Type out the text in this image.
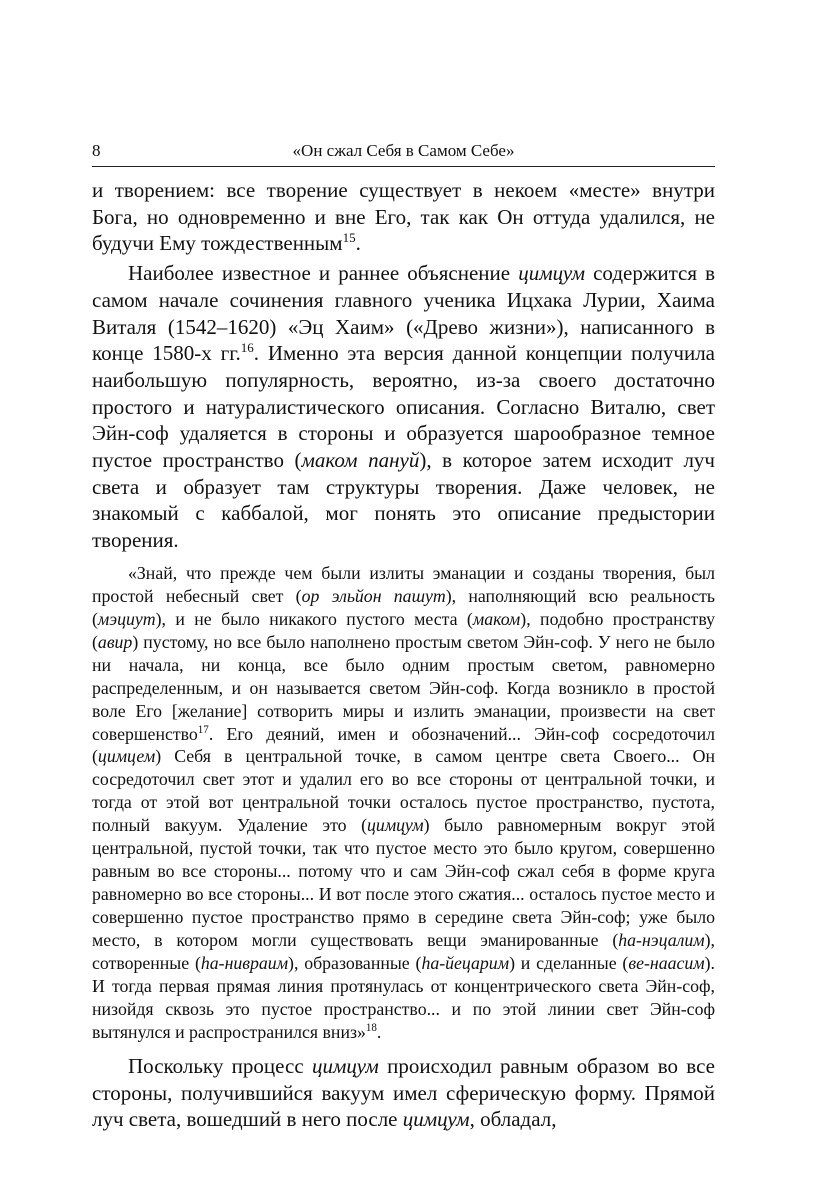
8	«Он сжал Себя в Самом Себе»

и творением: все творение существует в некоем «месте» внутри Бога, но одновременно и вне Его, так как Он оттуда удалился, не будучи Ему тождественным$^{15}$.

Наиболее известное и раннее объяснение цимцум содержится в самом начале сочинения главного ученика Ицхака Лурии, Хаима Виталя (1542–1620) «Эц Хаим» («Древо жизни»), написанного в конце 1580-х гг.$^{16}$. Именно эта версия данной концепции получила наибольшую популярность, вероятно, из-за своего достаточно простого и натуралистического описания. Согласно Виталю, свет Эйн-соф удаляется в стороны и образуется шарообразное темное пустое пространство (маком пануй), в которое затем исходит луч света и образует там структуры творения. Даже человек, не знакомый с каббалой, мог понять это описание предыстории творения.

«Знай, что прежде чем были излиты эманации и созданы творения, был простой небесный свет (ор эльйон пашут), наполняющий всю реальность (мэциут), и не было никакого пустого места (маком), подобно пространству (авир) пустому, но все было наполнено простым светом Эйн-соф. У него не было ни начала, ни конца, все было одним простым светом, равномерно распределенным, и он называется светом Эйн-соф. Когда возникло в простой воле Его [желание] сотворить миры и излить эманации, произвести на свет совершенство$^{17}$. Его деяний, имен и обозначений... Эйн-соф сосредоточил (цимцем) Себя в центральной точке, в самом центре света Своего... Он сосредоточил свет этот и удалил его во все стороны от центральной точки, и тогда от этой вот центральной точки осталось пустое пространство, пустота, полный вакуум. Удаление это (цимцум) было равномерным вокруг этой центральной, пустой точки, так что пустое место это было кругом, совершенно равным во все стороны... потому что и сам Эйн-соф сжал себя в форме круга равномерно во все стороны... И вот после этого сжатия... осталось пустое место и совершенно пустое пространство прямо в середине света Эйн-соф; уже было место, в котором могли существовать вещи эманированные (hа-нэцалим), сотворенные (hа-нивраим), образованные (hа-йецарим) и сделанные (ве-наасим). И тогда первая прямая линия протянулась от концентрического света Эйн-соф, низойдя сквозь это пустое пространство... и по этой линии свет Эйн-соф вытянулся и распространился вниз»$^{18}$.

Поскольку процесс цимцум происходил равным образом во все стороны, получившийся вакуум имел сферическую форму. Прямой луч света, вошедший в него после цимцум, обладал,
